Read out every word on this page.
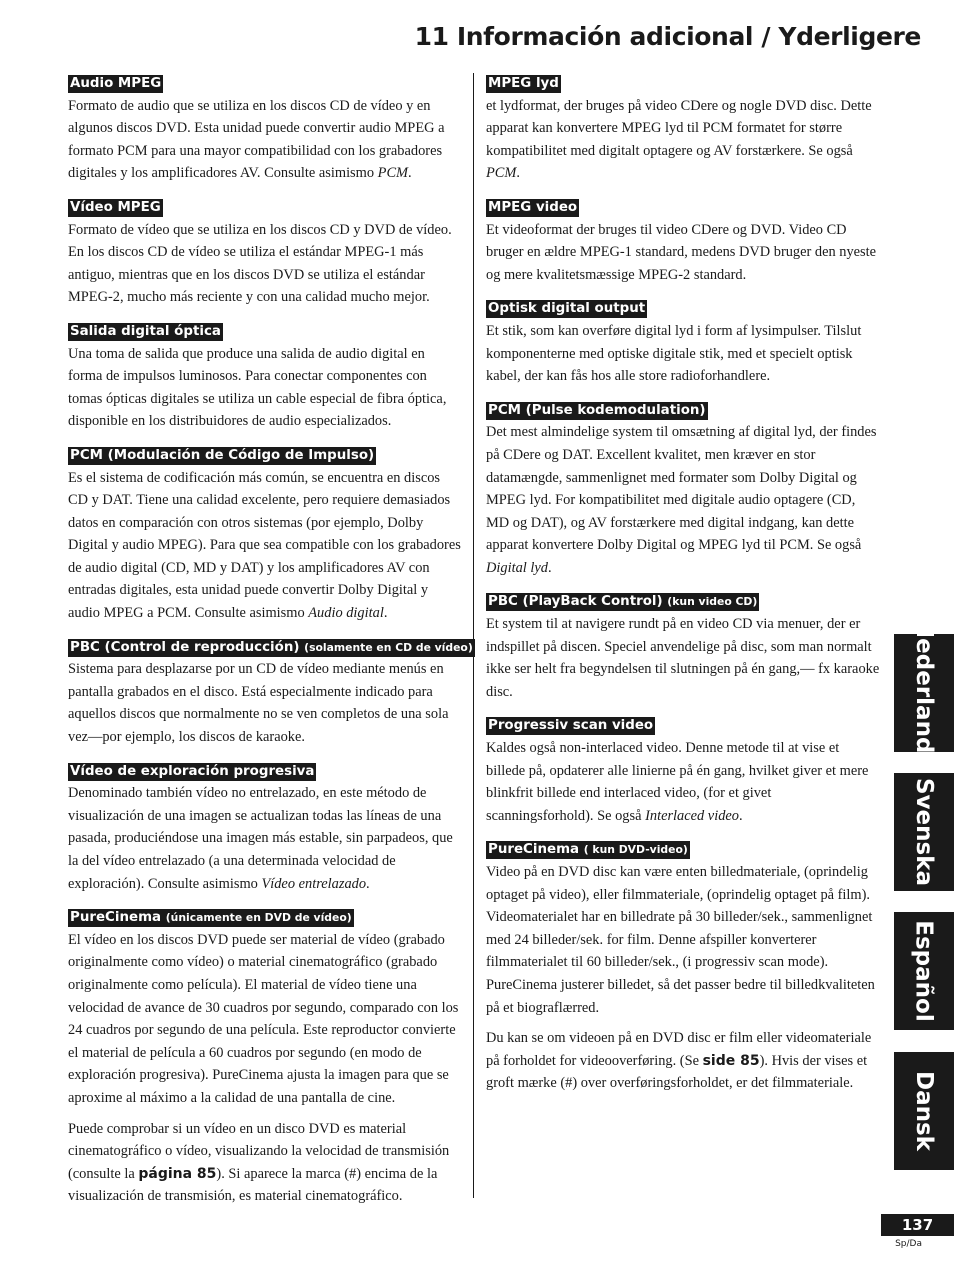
11 Información adicional / Yderligere
Audio MPEG

Formato de audio que se utiliza en los discos CD de vídeo y en algunos discos DVD. Esta unidad puede convertir audio MPEG a formato PCM para una mayor compatibilidad con los grabadores digitales y los amplificadores AV. Consulte asimismo PCM.

Vídeo MPEG

Formato de vídeo que se utiliza en los discos CD y DVD de vídeo. En los discos CD de vídeo se utiliza el estándar MPEG-1 más antiguo, mientras que en los discos DVD se utiliza el estándar MPEG-2, mucho más reciente y con una calidad mucho mejor.

Salida digital óptica

Una toma de salida que produce una salida de audio digital en forma de impulsos luminosos. Para conectar componentes con tomas ópticas digitales se utiliza un cable especial de fibra óptica, disponible en los distribuidores de audio especializados.

PCM (Modulación de Código de Impulso)

Es el sistema de codificación más común, se encuentra en discos CD y DAT. Tiene una calidad excelente, pero requiere demasiados datos en comparación con otros sistemas (por ejemplo, Dolby Digital y audio MPEG). Para que sea compatible con los grabadores de audio digital (CD, MD y DAT) y los amplificadores AV con entradas digitales, esta unidad puede convertir Dolby Digital y audio MPEG a PCM. Consulte asimismo Audio digital.

PBC (Control de reproducción) (solamente en CD de vídeo)

Sistema para desplazarse por un CD de vídeo mediante menús en pantalla grabados en el disco. Está especialmente indicado para aquellos discos que normalmente no se ven completos de una sola vez—por ejemplo, los discos de karaoke.

Vídeo de exploración progresiva

Denominado también vídeo no entrelazado, en este método de visualización de una imagen se actualizan todas las líneas de una pasada, produciéndose una imagen más estable, sin parpadeos, que la del vídeo entrelazado (a una determinada velocidad de exploración). Consulte asimismo Vídeo entrelazado.

PureCinema (únicamente en DVD de vídeo)

El vídeo en los discos DVD puede ser material de vídeo (grabado originalmente como vídeo) o material cinematográfico (grabado originalmente como película). El material de vídeo tiene una velocidad de avance de 30 cuadros por segundo, comparado con los 24 cuadros por segundo de una película. Este reproductor convierte el material de película a 60 cuadros por segundo (en modo de exploración progresiva). PureCinema ajusta la imagen para que se aproxime al máximo a la calidad de una pantalla de cine.

Puede comprobar si un vídeo en un disco DVD es material cinematográfico o vídeo, visualizando la velocidad de transmisión (consulte la página 85). Si aparece la marca (#) encima de la visualización de transmisión, es material cinematográfico.

MPEG lyd

et lydformat, der bruges på video CDere og nogle DVD disc. Dette apparat kan konvertere MPEG lyd til PCM formatet for større kompatibilitet med digitalt optagere og AV forstærkere. Se også PCM.

MPEG video

Et videoformat der bruges til video CDere og DVD. Video CD bruger en ældre MPEG-1 standard, medens DVD bruger den nyeste og mere kvalitetsmæssige MPEG-2 standard.

Optisk digital output

Et stik, som kan overføre digital lyd i form af lysimpulser. Tilslut komponenterne med optiske digitale stik, med et specielt optisk kabel, der kan fås hos alle store radioforhandlere.

PCM (Pulse kodemodulation)

Det mest almindelige system til omsætning af digital lyd, der findes på CDere og DAT. Excellent kvalitet, men kræver en stor datamængde, sammenlignet med formater som Dolby Digital og MPEG lyd. For kompatibilitet med digitale audio optagere (CD, MD og DAT), og AV forstærkere med digital indgang, kan dette apparat konvertere Dolby Digital og MPEG lyd til PCM. Se også Digital lyd.

PBC (PlayBack Control) (kun video CD)

Et system til at navigere rundt på en video CD via menuer, der er indspillet på discen. Speciel anvendelige på disc, som man normalt ikke ser helt fra begyndelsen til slutningen på én gang,— fx karaoke disc.

Progressiv scan video

Kaldes også non-interlaced video. Denne metode til at vise et billede på, opdaterer alle linierne på én gang, hvilket giver et mere blinkfrit billede end interlaced video, (for et givet scanningsforhold). Se også Interlaced video.

PureCinema ( kun DVD-video)

Video på en DVD disc kan være enten billedmateriale, (oprindelig optaget på video), eller filmmateriale, (oprindelig optaget på film). Videomaterialet har en billedrate på 30 billeder/sek., sammenlignet med 24 billeder/sek. for film. Denne afspiller konverterer filmmaterialet til 60 billeder/sek., (i progressiv scan mode). PureCinema justerer billedet, så det passer bedre til billedkvaliteten på et biograflærred.

Du kan se om videoen på en DVD disc er film eller videomateriale på forholdet for videooverføring. (Se side 85). Hvis der vises et groft mærke (#) over overføringsforholdet, er det filmmateriale.

Nederlands
Svenska
Español
Dansk
137
Sp/Da
